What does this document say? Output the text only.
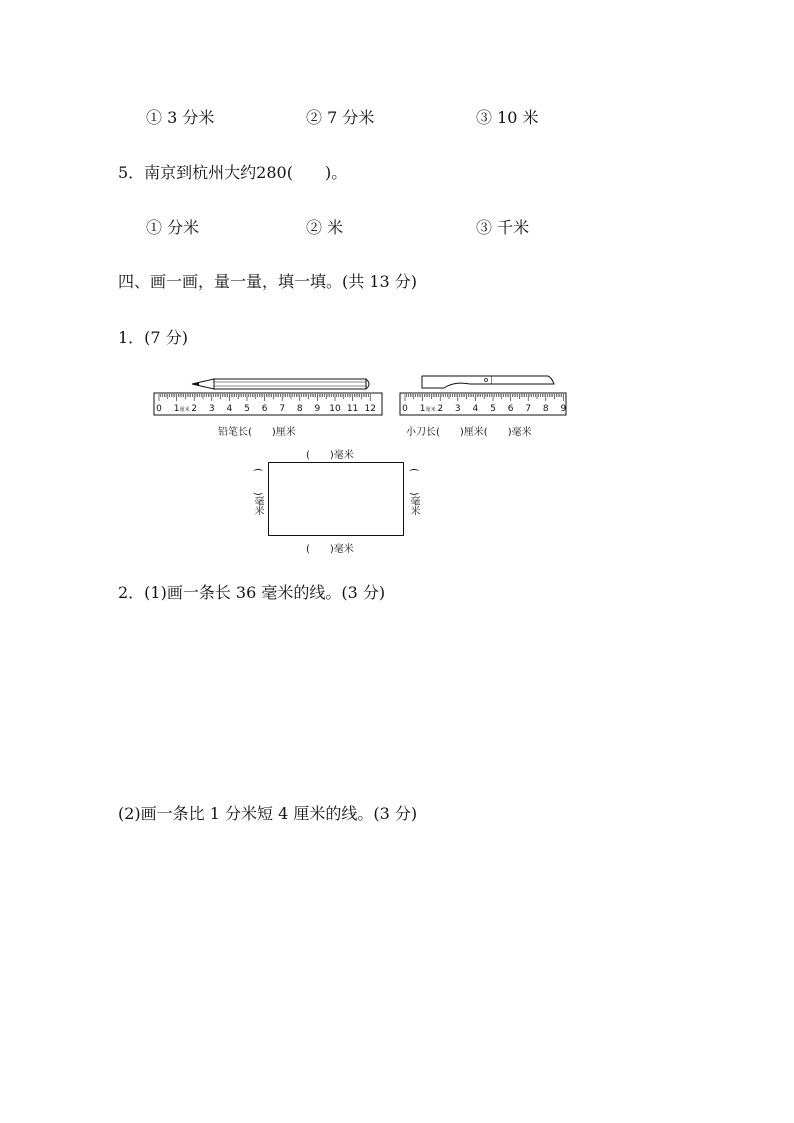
① 3 分米	② 7 分米	③ 10 米
5．南京到杭州大约280(　　)。
① 分米	② 米	③ 千米
四、画一画，量一量，填一填。(共 13 分)
1．(7 分)
0 1 厘米 2 3 4 5 6 7 8 9 10 11 12
铅笔长(　　)厘米
0 1 厘米 2 3 4 5 6 7 8 9
小刀长(　　)厘米(　　)毫米
(　　)毫米
(　　)毫米
(　　)毫米	(　　)毫米
2．(1)画一条长 36 毫米的线。(3 分)
(2)画一条比 1 分米短 4 厘米的线。(3 分)
